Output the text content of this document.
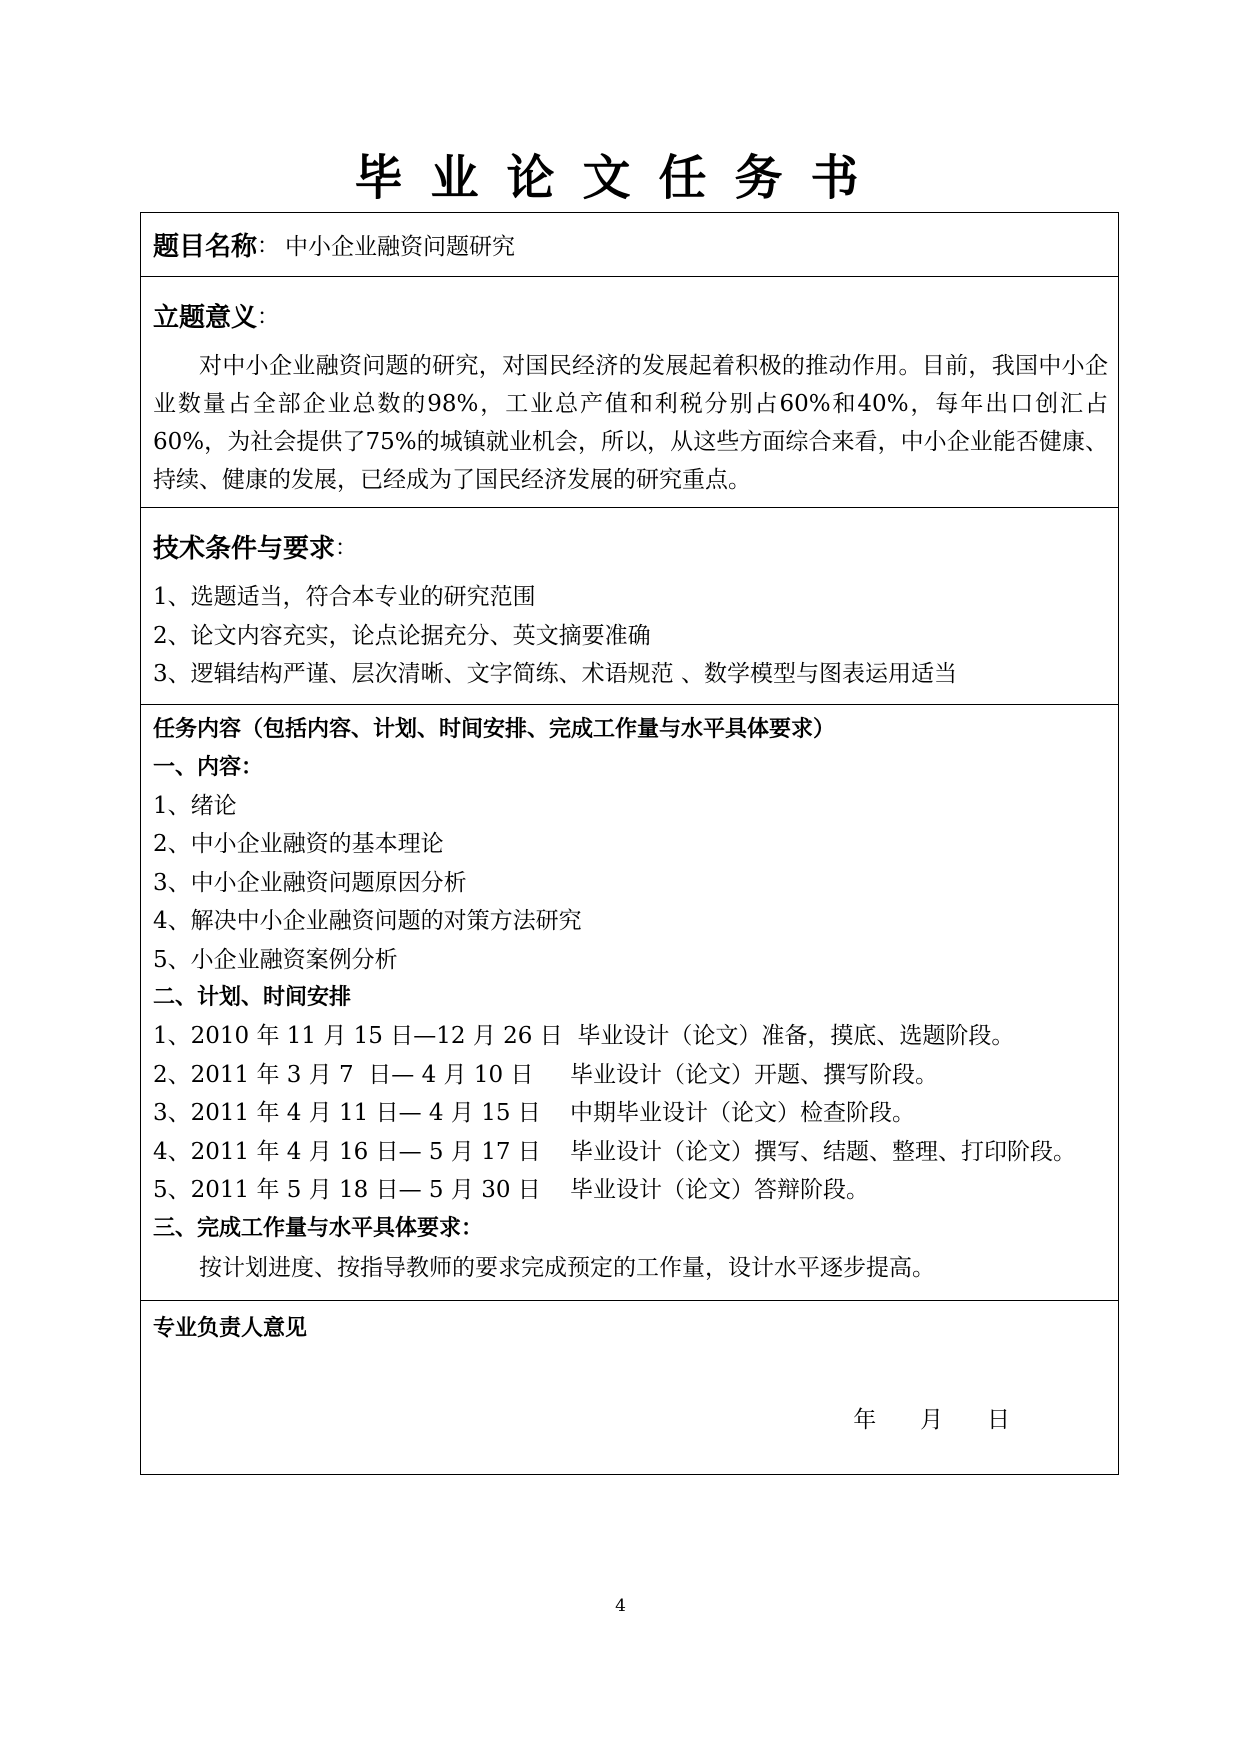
毕业论文任务书
题目名称 ： 中小企业融资问题研究
立题意义 ：
对中小企业融资问题的研究，对国民经济的发展起着积极的推动作用。目前，我国中小企业数量占全部企业总数的98%，工业总产值和利税分别占60%和40%，每年出口创汇占60%，为社会提供了75%的城镇就业机会，所以，从这些方面综合来看，中小企业能否健康、持续、健康的发展，已经成为了国民经济发展的研究重点。
技术条件与要求 ：
1、选题适当，符合本专业的研究范围
2、论文内容充实，论点论据充分、英文摘要准确
3、逻辑结构严谨、层次清晰、文字简练、术语规范 、数学模型与图表运用适当
任务内容（包括内容、计划、时间安排、完成工作量与水平具体要求）
一、内容：
1、绪论
2、中小企业融资的基本理论
3、中小企业融资问题原因分析
4、解决中小企业融资问题的对策方法研究
5、小企业融资案例分析
二、计划、时间安排
1、2010 年 11 月 15 日—12 月 26 日  毕业设计（论文）准备，摸底、选题阶段。
2、2011 年 3 月 7  日— 4 月 10 日     毕业设计（论文）开题、撰写阶段。
3、2011 年 4 月 11 日— 4 月 15 日    中期毕业设计（论文）检查阶段。
4、2011 年 4 月 16 日— 5 月 17 日    毕业设计（论文）撰写、结题、整理、打印阶段。
5、2011 年 5 月 18 日— 5 月 30 日    毕业设计（论文）答辩阶段。
三、完成工作量与水平具体要求：
按计划进度、按指导教师的要求完成预定的工作量，设计水平逐步提高。
专业负责人意见
年      月      日
4
